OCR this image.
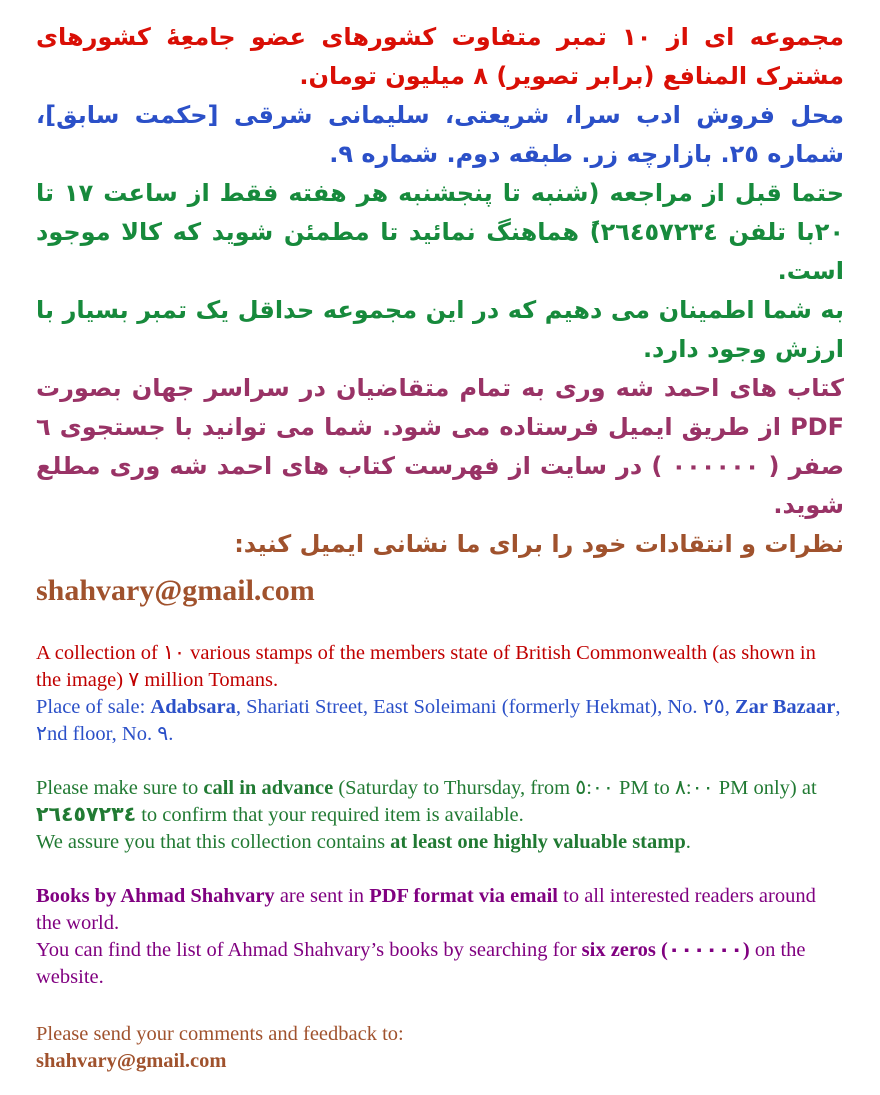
مجموعه ای از ١٠ تمبر متفاوت کشورهای عضو جامعِۀ کشورهای مشترک المنافع (برابر تصویر) ٨ میلیون تومان.

محل فروش ادب سرا، شریعتی، سلیمانی شرقی [حکمت سابق]، شماره ٢٥. بازارچه زر. طبقه دوم. شماره ٩.

حتما قبل از مراجعه (شنبه تا پنجشنبه هر هفته فقط از ساعت ١٧ تا ٢٠با تلفن ٢٦٤٥٧٢٣٤)ً هماهنگ نمائید تا مطمئن شوید که کالا موجود است.

به شما اطمینان می دهیم که در این مجموعه حداقل یک تمبر بسیار با ارزش وجود دارد.

کتاب های احمد شه وری به تمام متقاضیان در سراسر جهان بصورت PDF از طریق ایمیل فرستاده می شود. شما می توانید با جستجوی ٦ صفر ( ٠٠٠٠٠٠ ) در سایت از فهرست کتاب های احمد شه وری مطلع شوید.

نظرات و انتقادات خود را برای ما نشانی ایمیل کنید:

shahvary@gmail.com

A collection of ١٠ various stamps of the members state of British Commonwealth (as shown in the image) ٧ million Tomans.

Place of sale: Adabsara, Shariati Street, East Soleimani (formerly Hekmat), No. ٢٥, Zar Bazaar, ٢nd floor, No. ٩.

Please make sure to call in advance (Saturday to Thursday, from ٥:٠٠ PM to ٨:٠٠ PM only) at ٢٦٤٥٧٢٣٤ to confirm that your required item is available.

We assure you that this collection contains at least one highly valuable stamp.

Books by Ahmad Shahvary are sent in PDF format via email to all interested readers around the world.

You can find the list of Ahmad Shahvary’s books by searching for six zeros (٠٠٠٠٠٠) on the website.

Please send your comments and feedback to:

shahvary@gmail.com
